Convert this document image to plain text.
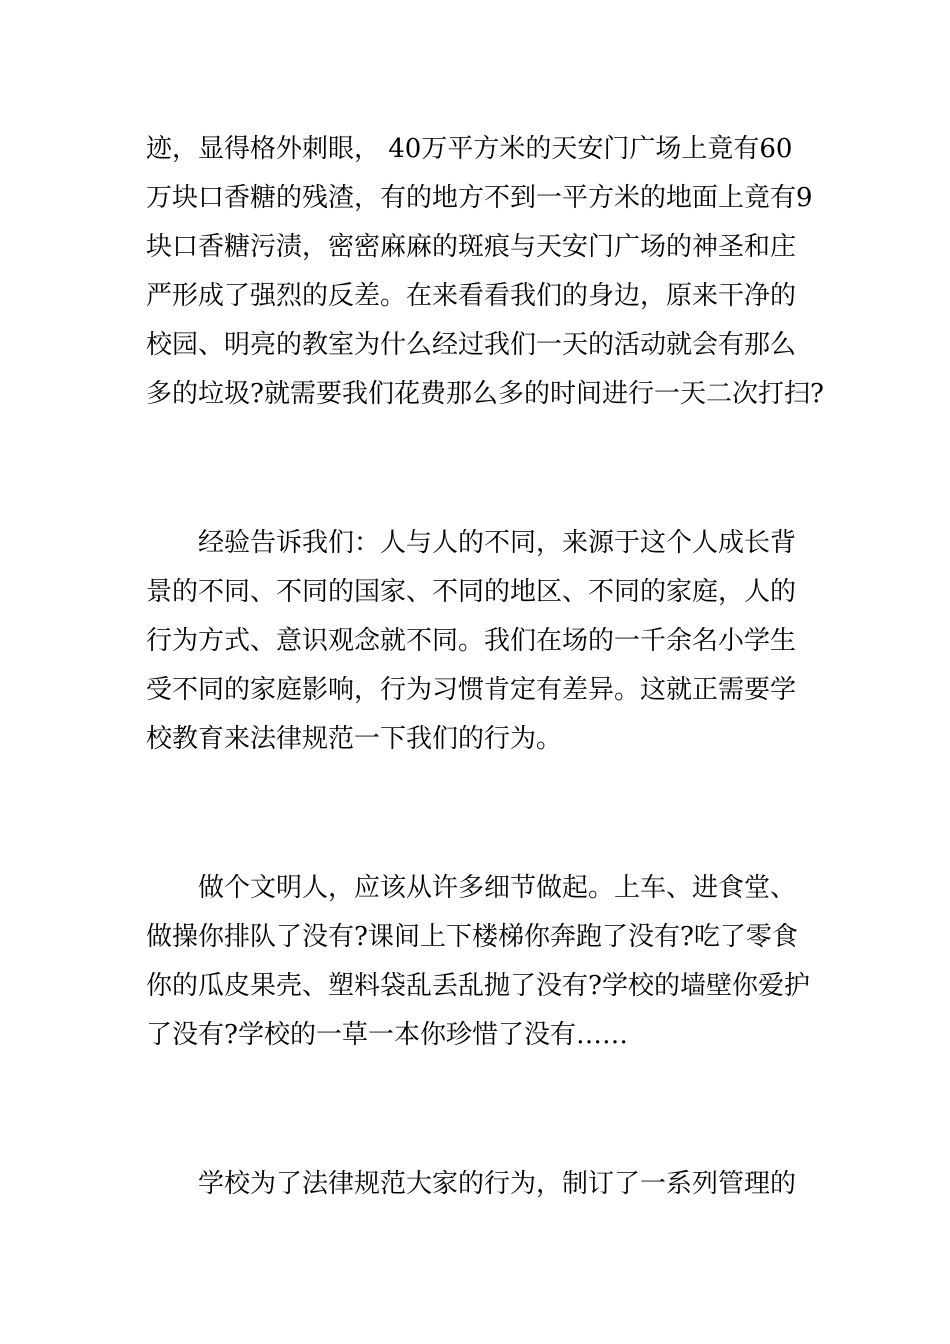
迹，显得格外刺眼， 40万平方米的天安门广场上竟有60
万块口香糖的残渣，有的地方不到一平方米的地面上竟有9
块口香糖污渍，密密麻麻的斑痕与天安门广场的神圣和庄
严形成了强烈的反差。在来看看我们的身边，原来干净的
校园、明亮的教室为什么经过我们一天的活动就会有那么
多的垃圾?就需要我们花费那么多的时间进行一天二次打扫?
经验告诉我们：人与人的不同，来源于这个人成长背
景的不同、不同的国家、不同的地区、不同的家庭，人的
行为方式、意识观念就不同。我们在场的一千余名小学生
受不同的家庭影响，行为习惯肯定有差异。这就正需要学
校教育来法律规范一下我们的行为。
做个文明人，应该从许多细节做起。上车、进食堂、
做操你排队了没有?课间上下楼梯你奔跑了没有?吃了零食
你的瓜皮果壳、塑料袋乱丢乱抛了没有?学校的墙壁你爱护
了没有?学校的一草一本你珍惜了没有……
学校为了法律规范大家的行为，制订了一系列管理的
